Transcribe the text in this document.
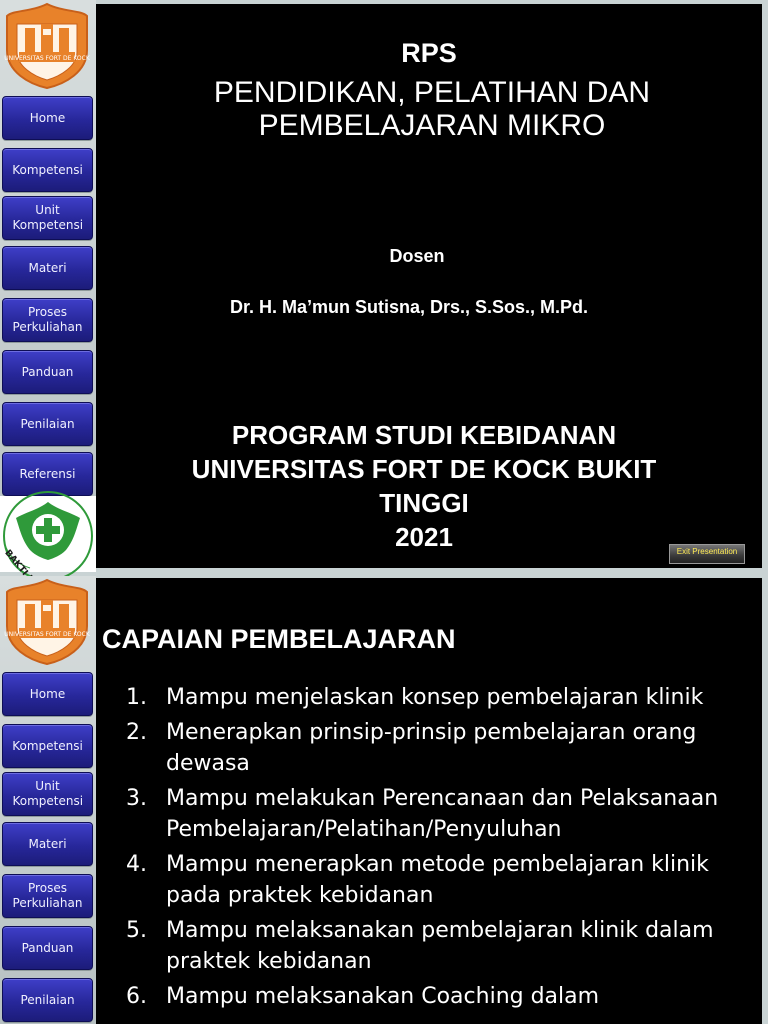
UNIVERSITAS FORT DE KOCK
Home
Kompetensi
Unit Kompetensi
Materi
Proses Perkuliahan
Panduan
Penilaian
Referensi
RPS
PENDIDIKAN, PELATIHAN DAN
PEMBELAJARAN MIKRO
Dosen
Dr. H. Ma’mun Sutisna, Drs., S.Sos., M.Pd.
PROGRAM STUDI KEBIDANAN
UNIVERSITAS FORT DE KOCK BUKIT
TINGGI
2021	Exit Presentation
UNIVERSITAS FORT DE KOCK
Home
Kompetensi
Unit Kompetensi
Materi
Proses Perkuliahan
Panduan
Penilaian
CAPAIAN PEMBELAJARAN
1. Mampu menjelaskan konsep pembelajaran klinik
2. Menerapkan prinsip-prinsip pembelajaran orang dewasa
3. Mampu melakukan Perencanaan dan Pelaksanaan Pembelajaran/Pelatihan/Penyuluhan
4. Mampu menerapkan metode pembelajaran klinik pada praktek kebidanan
5. Mampu melaksanakan pembelajaran klinik dalam praktek kebidanan
6. Mampu melaksanakan Coaching dalam
